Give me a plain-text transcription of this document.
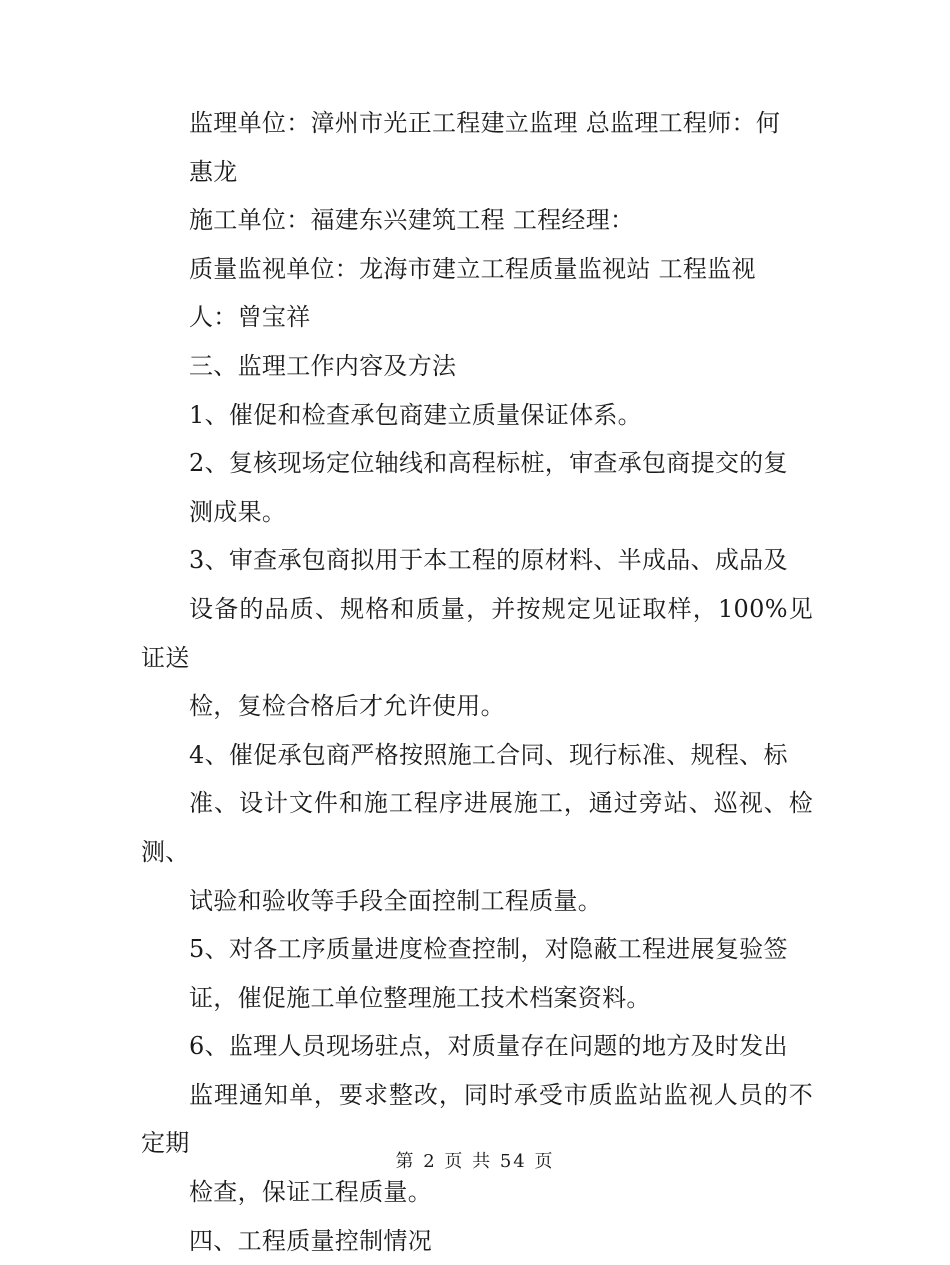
监理单位：漳州市光正工程建立监理 总监理工程师：何
惠龙

施工单位：福建东兴建筑工程 工程经理：

质量监视单位：龙海市建立工程质量监视站 工程监视
人：曾宝祥

三、监理工作内容及方法

1、催促和检查承包商建立质量保证体系。

2、复核现场定位轴线和高程标桩，审查承包商提交的复
测成果。

3、审查承包商拟用于本工程的原材料、半成品、成品及
设备的品质、规格和质量，并按规定见证取样，100%见证送
检，复检合格后才允许使用。

4、催促承包商严格按照施工合同、现行标准、规程、标
准、设计文件和施工程序进展施工，通过旁站、巡视、检测、
试验和验收等手段全面控制工程质量。

5、对各工序质量进度检查控制，对隐蔽工程进展复验签
证，催促施工单位整理施工技术档案资料。

6、监理人员现场驻点，对质量存在问题的地方及时发出
监理通知单，要求整改，同时承受市质监站监视人员的不定期
检查，保证工程质量。

四、工程质量控制情况

第 2 页 共 54 页
